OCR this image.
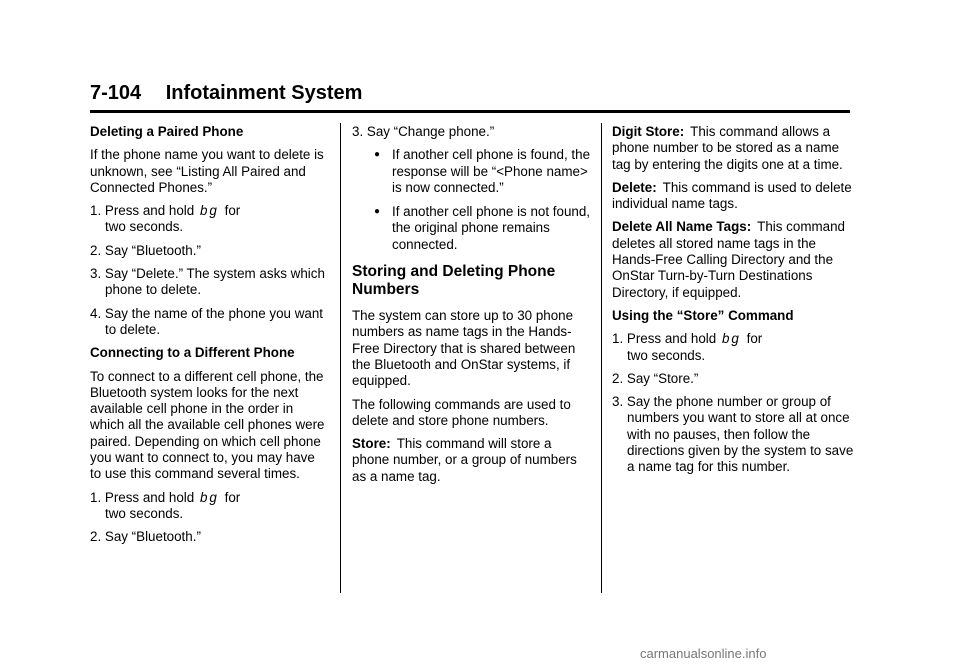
7-104 Infotainment System

Deleting a Paired Phone

If the phone name you want to delete is unknown, see “Listing All Paired and Connected Phones.”

1. Press and hold bg for
two seconds.
2. Say “Bluetooth.”
3. Say “Delete.” The system asks which phone to delete.
4. Say the name of the phone you want to delete.

Connecting to a Different Phone

To connect to a different cell phone, the Bluetooth system looks for the next available cell phone in the order in which all the available cell phones were paired. Depending on which cell phone you want to connect to, you may have to use this command several times.

1. Press and hold bg for
two seconds.
2. Say “Bluetooth.”
3. Say “Change phone.”
● If another cell phone is found, the response will be “<Phone name> is now connected.”
● If another cell phone is not found, the original phone remains connected.
Storing and Deleting Phone Numbers

The system can store up to 30 phone numbers as name tags in the Hands-Free Directory that is shared between the Bluetooth and OnStar systems, if equipped.

The following commands are used to delete and store phone numbers.

Store: This command will store a phone number, or a group of numbers as a name tag.

Digit Store: This command allows a phone number to be stored as a name tag by entering the digits one at a time.

Delete: This command is used to delete individual name tags.

Delete All Name Tags: This command deletes all stored name tags in the Hands-Free Calling Directory and the OnStar Turn-by-Turn Destinations Directory, if equipped.

Using the “Store” Command

1. Press and hold bg for
two seconds.
2. Say “Store.”
3. Say the phone number or group of numbers you want to store all at once with no pauses, then follow the directions given by the system to save a name tag for this number.
carmanualsonline.info
